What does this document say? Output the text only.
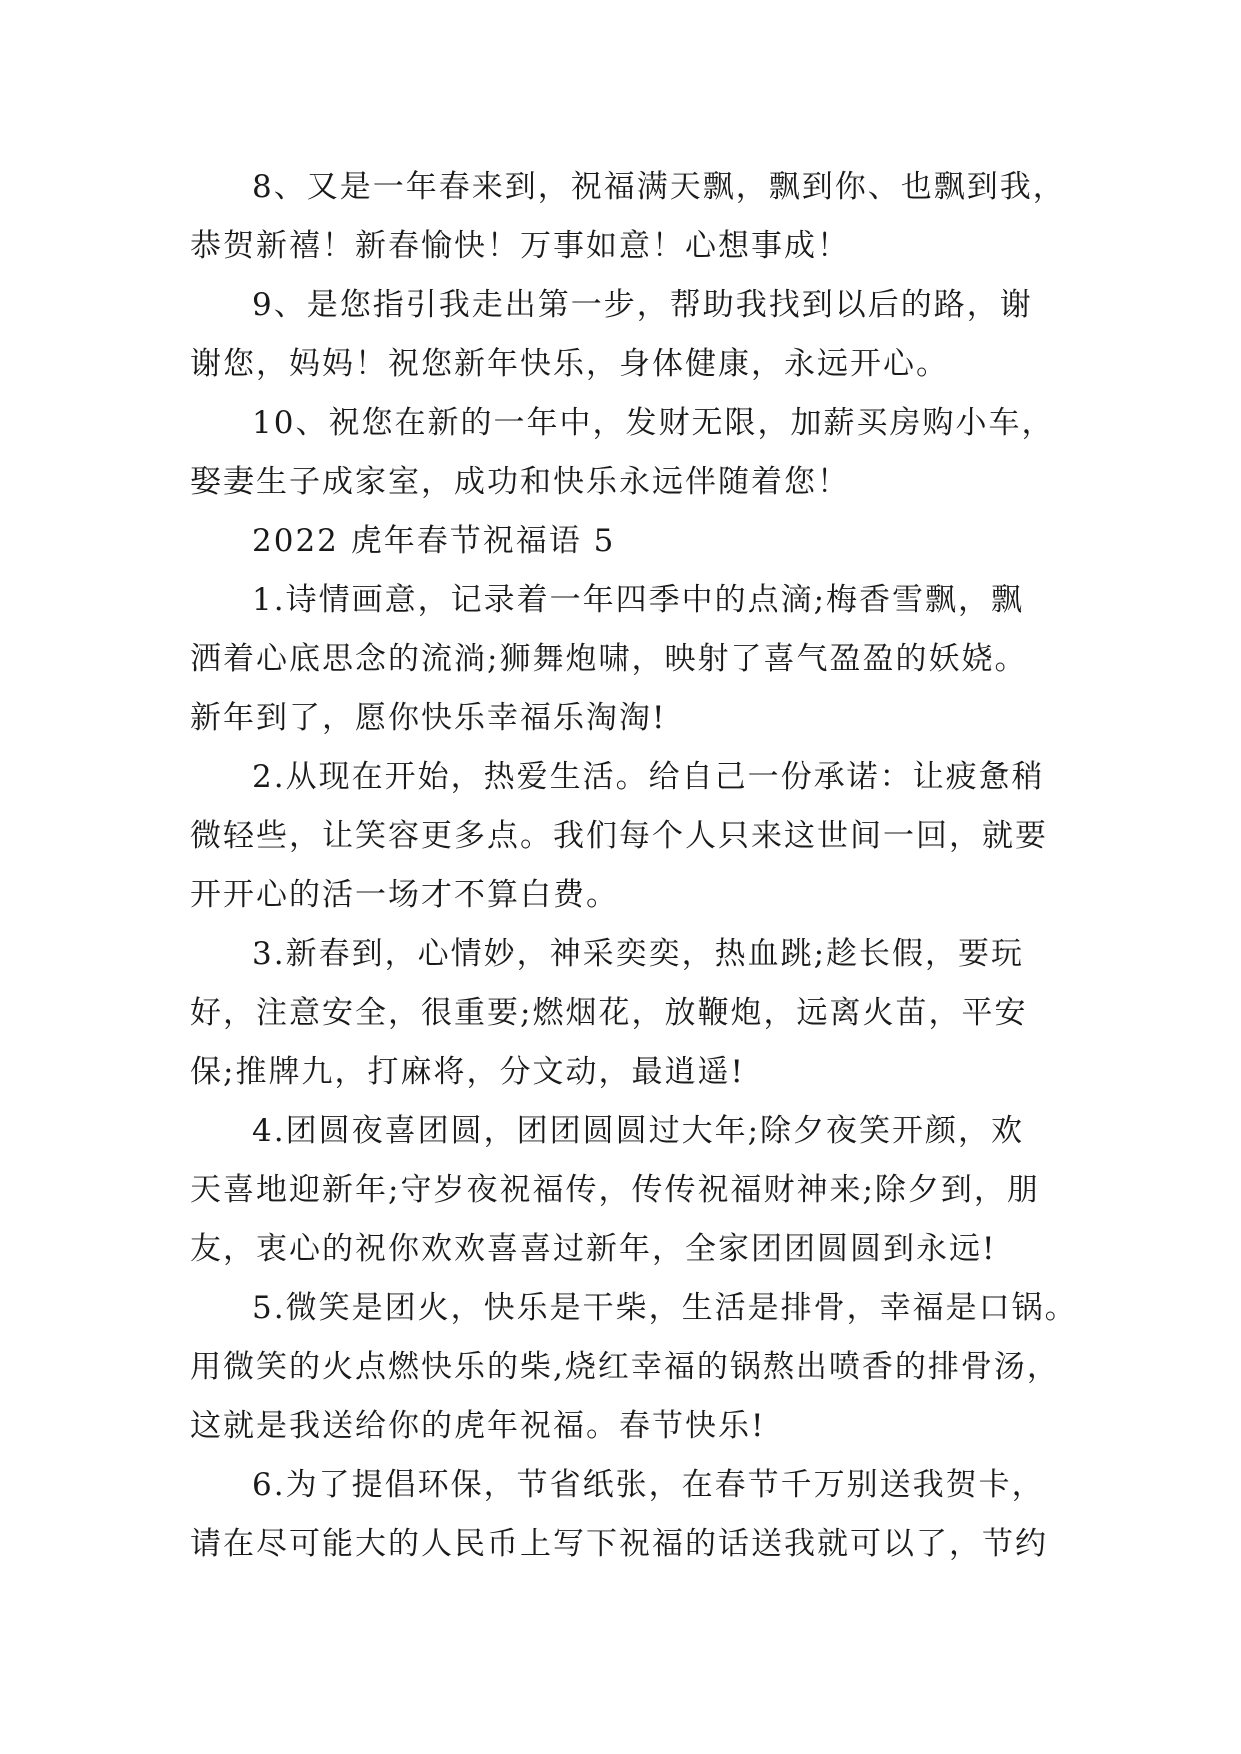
8、又是一年春来到，祝福满天飘，飘到你、也飘到我，
恭贺新禧！新春愉快！万事如意！心想事成！
9、是您指引我走出第一步，帮助我找到以后的路，谢
谢您，妈妈！祝您新年快乐，身体健康，永远开心。
10、祝您在新的一年中，发财无限，加薪买房购小车，
娶妻生子成家室，成功和快乐永远伴随着您！
2022 虎年春节祝福语 5
1.诗情画意，记录着一年四季中的点滴;梅香雪飘，飘
洒着心底思念的流淌;狮舞炮啸，映射了喜气盈盈的妖娆。
新年到了，愿你快乐幸福乐淘淘!
2.从现在开始，热爱生活。给自己一份承诺：让疲惫稍
微轻些，让笑容更多点。我们每个人只来这世间一回，就要
开开心的活一场才不算白费。
3.新春到，心情妙，神采奕奕，热血跳;趁长假，要玩
好，注意安全，很重要;燃烟花，放鞭炮，远离火苗，平安
保;推牌九，打麻将，分文动，最逍遥!
4.团圆夜喜团圆，团团圆圆过大年;除夕夜笑开颜，欢
天喜地迎新年;守岁夜祝福传，传传祝福财神来;除夕到，朋
友，衷心的祝你欢欢喜喜过新年，全家团团圆圆到永远!
5.微笑是团火，快乐是干柴，生活是排骨，幸福是口锅。
用微笑的火点燃快乐的柴,烧红幸福的锅熬出喷香的排骨汤，
这就是我送给你的虎年祝福。春节快乐!
6.为了提倡环保，节省纸张，在春节千万别送我贺卡，
请在尽可能大的人民币上写下祝福的话送我就可以了，节约
